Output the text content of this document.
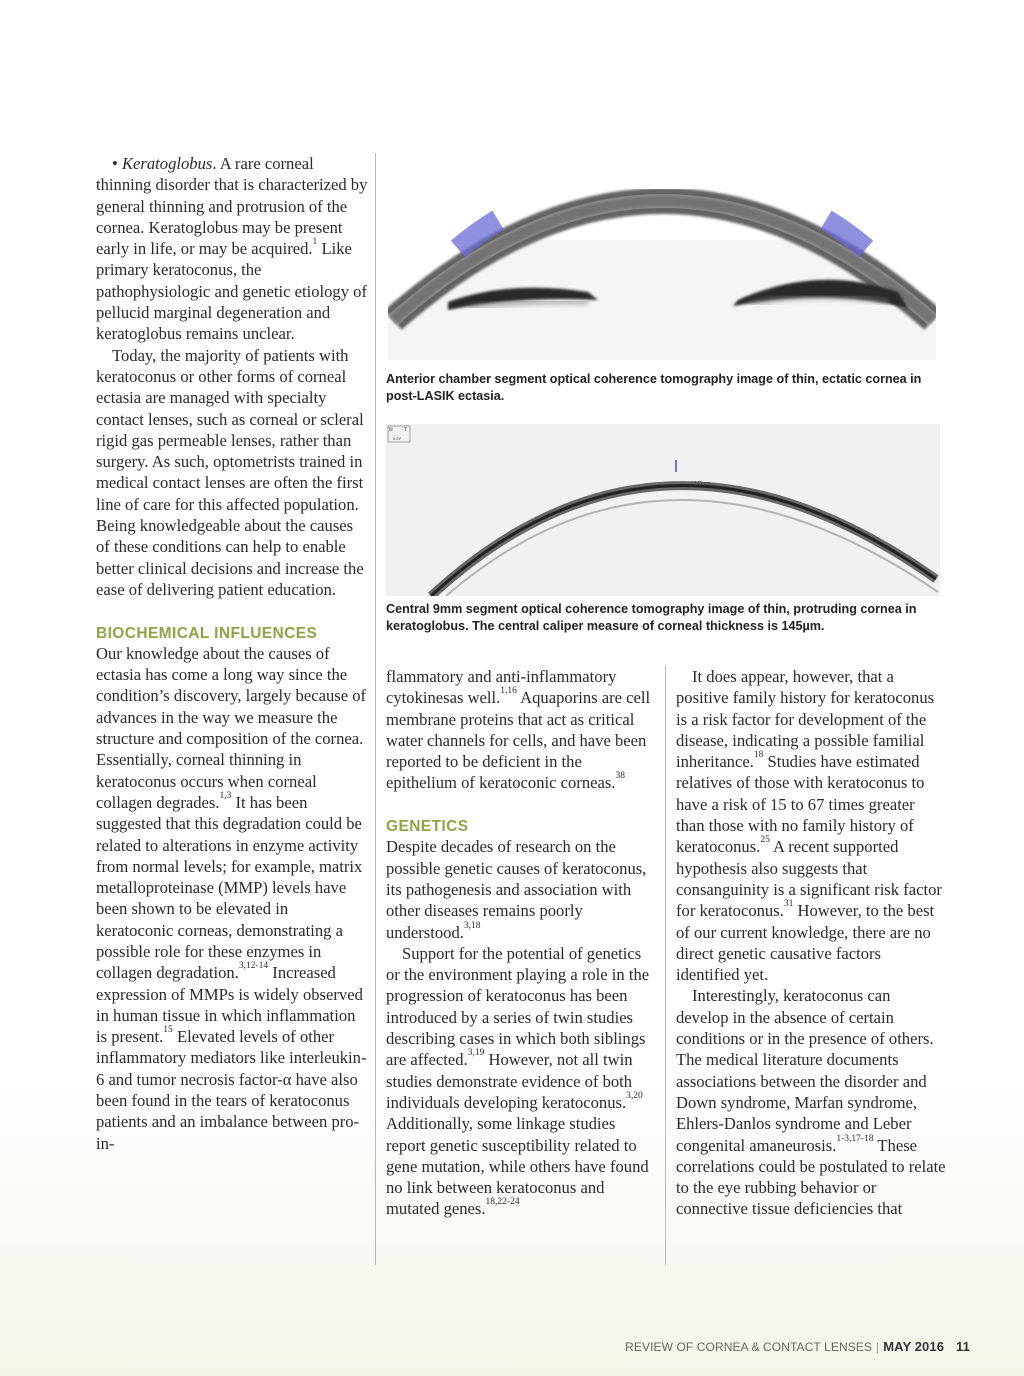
• Keratoglobus. A rare corneal thinning disorder that is characterized by general thinning and protrusion of the cornea. Keratoglobus may be present early in life, or may be acquired.$^1$ Like primary keratoconus, the pathophysiologic and genetic etiology of pellucid marginal degeneration and keratoglobus remains unclear.

Today, the majority of patients with keratoconus or other forms of corneal ectasia are managed with specialty contact lenses, such as corneal or scleral rigid gas permeable lenses, rather than surgery. As such, optometrists trained in medical contact lenses are often the first line of care for this affected population. Being knowledgeable about the causes of these conditions can help to enable better clinical decisions and increase the ease of delivering patient education.

BIOCHEMICAL INFLUENCES

Our knowledge about the causes of ectasia has come a long way since the condition’s discovery, largely because of advances in the way we measure the structure and composition of the cornea. Essentially, corneal thinning in keratoconus occurs when corneal collagen degrades.$^{1,3}$ It has been suggested that this degradation could be related to alterations in enzyme activity from normal levels; for example, matrix metalloproteinase (MMP) levels have been shown to be elevated in keratoconic corneas, demonstrating a possible role for these enzymes in collagen degradation.$^{3,12-14}$ Increased expression of MMPs is widely observed in human tissue in which inflammation is present.$^{15}$ Elevated levels of other inflammatory mediators like interleukin-6 and tumor necrosis factor-α have also been found in the tears of keratoconus patients and an imbalance between pro-in-

Anterior chamber segment optical coherence tomography image of thin, ectatic cornea in post-LASIK ectasia.
N T
0.2Y
145 µm
Central 9mm segment optical coherence tomography image of thin, protruding cornea in keratoglobus. The central caliper measure of corneal thickness is 145µm.

flammatory and anti-inflammatory cytokinesas well.$^{1,16}$ Aquaporins are cell membrane proteins that act as critical water channels for cells, and have been reported to be deficient in the epithelium of keratoconic corneas.$^{38}$

GENETICS

Despite decades of research on the possible genetic causes of keratoconus, its pathogenesis and association with other diseases remains poorly understood.$^{3,18}$

Support for the potential of genetics or the environment playing a role in the progression of keratoconus has been introduced by a series of twin studies describing cases in which both siblings are affected.$^{3,19}$ However, not all twin studies demonstrate evidence of both individuals developing keratoconus.$^{3,20}$ Additionally, some linkage studies report genetic susceptibility related to gene mutation, while others have found no link between keratoconus and mutated genes.$^{18,22-24}$

It does appear, however, that a positive family history for keratoconus is a risk factor for development of the disease, indicating a possible familial inheritance.$^{18}$ Studies have estimated relatives of those with keratoconus to have a risk of 15 to 67 times greater than those with no family history of keratoconus.$^{25}$ A recent supported hypothesis also suggests that consanguinity is a significant risk factor for keratoconus.$^{31}$ However, to the best of our current knowledge, there are no direct genetic causative factors identified yet.

Interestingly, keratoconus can develop in the absence of certain conditions or in the presence of others. The medical literature documents associations between the disorder and Down syndrome, Marfan syndrome, Ehlers-Danlos syndrome and Leber congenital amaneurosis.$^{1-3,17-18}$ These correlations could be postulated to relate to the eye rubbing behavior or connective tissue deficiencies that

REVIEW OF CORNEA & CONTACT LENSES | MAY 2016 11
